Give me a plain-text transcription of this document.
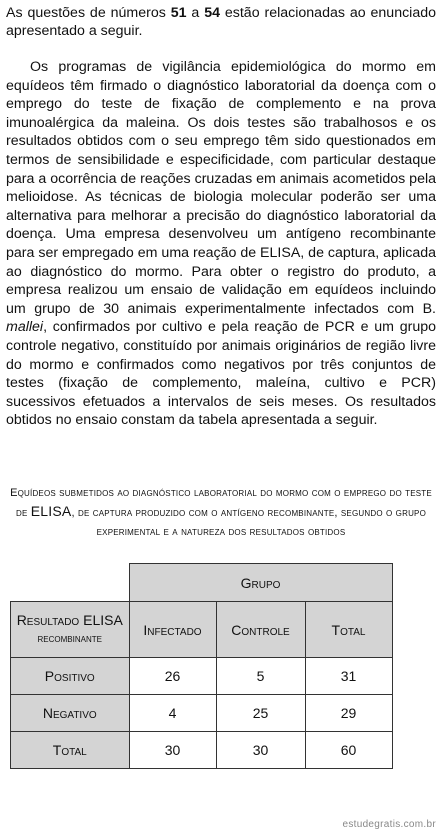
As questões de números 51 a 54 estão relacionadas ao enunciado apresentado a seguir.

Os programas de vigilância epidemiológica do mormo em equídeos têm firmado o diagnóstico laboratorial da doença com o emprego do teste de fixação de complemento e na prova imunoalérgica da maleina. Os dois testes são trabalhosos e os resultados obtidos com o seu emprego têm sido questionados em termos de sensibilidade e especificidade, com particular destaque para a ocorrência de reações cruzadas em animais acometidos pela melioidose. As técnicas de biologia molecular poderão ser uma alternativa para melhorar a precisão do diagnóstico laboratorial da doença. Uma empresa desenvolveu um antígeno recombinante para ser empregado em uma reação de ELISA, de captura, aplicada ao diagnóstico do mormo. Para obter o registro do produto, a empresa realizou um ensaio de validação em equídeos incluindo um grupo de 30 animais experimentalmente infectados com B. mallei, confirmados por cultivo e pela reação de PCR e um grupo controle negativo, constituído por animais originários de região livre do mormo e confirmados como negativos por três conjuntos de testes (fixação de complemento, maleína, cultivo e PCR) sucessivos efetuados a intervalos de seis meses. Os resultados obtidos no ensaio constam da tabela apresentada a seguir.

Equídeos submetidos ao diagnóstico laboratorial do mormo com o emprego do teste de ELISA, de captura produzido com o antígeno recombinante, segundo o grupo experimental e a natureza dos resultados obtidos
	Grupo		
Resultado ELISA
recombinante	Infectado	Controle	Total
Positivo	26	5	31
Negativo	4	25	29
Total	30	30	60
estudegratis.com.br
